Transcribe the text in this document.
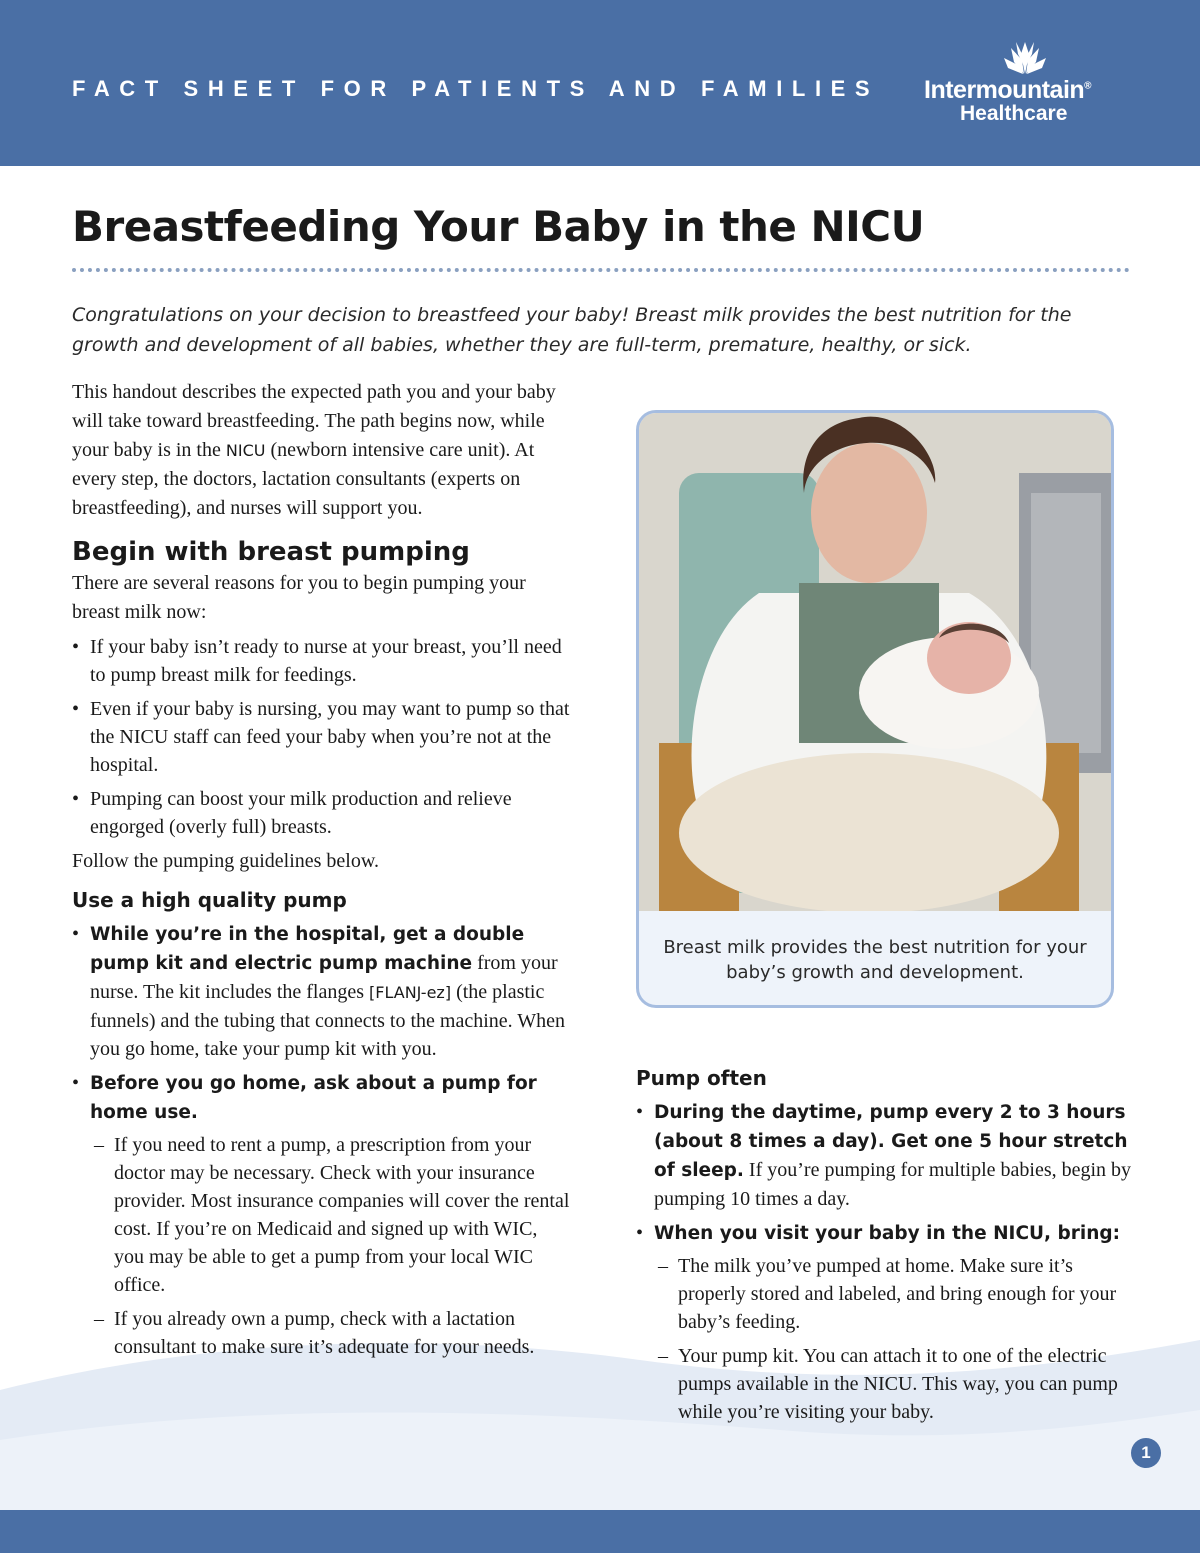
FACT SHEET FOR PATIENTS AND FAMILIES Intermountain®
Healthcare
Breastfeeding Your Baby in the NICU
Congratulations on your decision to breastfeed your baby! Breast milk provides the best nutrition for the growth and development of all babies, whether they are full-term, premature, healthy, or sick.

This handout describes the expected path you and your baby will take toward breastfeeding. The path begins now, while your baby is in the NICU (newborn intensive care unit). At every step, the doctors, lactation consultants (experts on breastfeeding), and nurses will support you.

Begin with breast pumping

There are several reasons for you to begin pumping your breast milk now:

• If your baby isn’t ready to nurse at your breast, you’ll need to pump breast milk for feedings.
• Even if your baby is nursing, you may want to pump so that the NICU staff can feed your baby when you’re not at the hospital.
• Pumping can boost your milk production and relieve engorged (overly full) breasts.

Follow the pumping guidelines below.

Use a high quality pump
• While you’re in the hospital, get a double pump kit and electric pump machine from your nurse. The kit includes the flanges [FLANJ-ez] (the plastic funnels) and the tubing that connects to the machine. When you go home, take your pump kit with you.
• Before you go home, ask about a pump for home use.
– If you need to rent a pump, a prescription from your doctor may be necessary. Check with your insurance provider. Most insurance companies will cover the rental cost. If you’re on Medicaid and signed up with WIC, you may be able to get a pump from your local WIC office.
– If you already own a pump, check with a lactation consultant to make sure it’s adequate for your needs.
Breast milk provides the best nutrition for your baby’s growth and development.
Pump often
• During the daytime, pump every 2 to 3 hours (about 8 times a day). Get one 5 hour stretch of sleep. If you’re pumping for multiple babies, begin by pumping 10 times a day.
• When you visit your baby in the NICU, bring:
– The milk you’ve pumped at home. Make sure it’s properly stored and labeled, and bring enough for your baby’s feeding.
– Your pump kit. You can attach it to one of the electric pumps available in the NICU. This way, you can pump while you’re visiting your baby.
1
